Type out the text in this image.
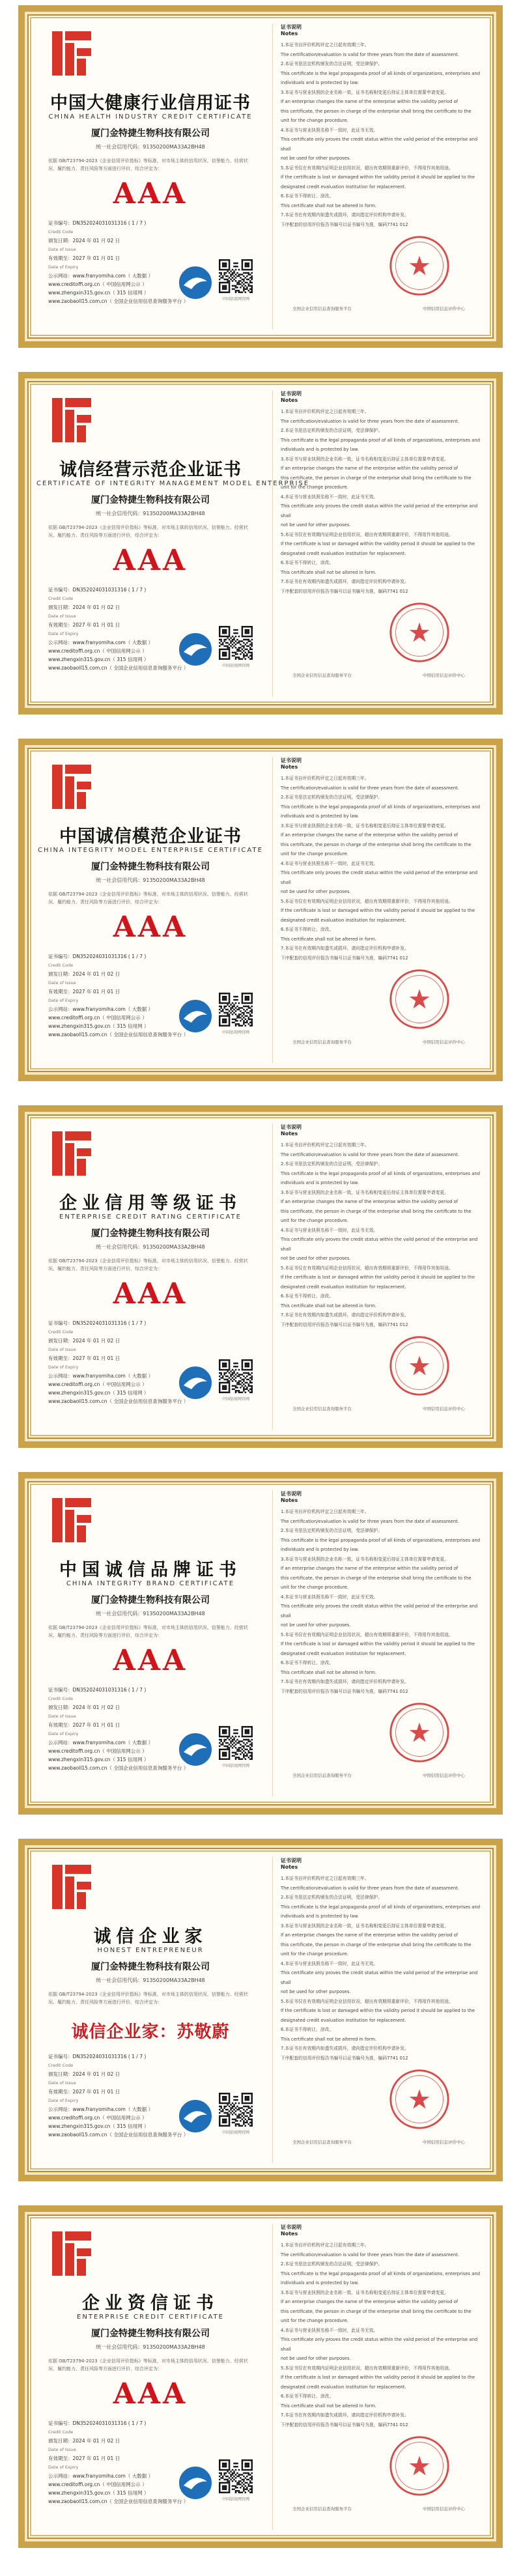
中国大健康行业信用证书
CHINA HEALTH INDUSTRY CREDIT CERTIFICATE
厦门金特捷生物科技有限公司
统一社会信用代码：91350200MA33A2BH48
依据 GB/T23794-2023《企业信用评价指标》等标准，对市场主体的信用状况、信誉能力、经营状况、履约能力、责任风险等方面进行评价，综合评定为：
AAA
证书编号：DN352024031031316 ( 1 / 7 )
Credit Code
颁发日期：2024 年 01 月 02 日
Date of Issue
有效期至：2027 年 01 月 01 日
Date of Expiry
公示网站：www.franyomiha.com（ 大数据 ）
www.creditoffi.org.cn（ 中国信用网公示 ）
www.zhengxin315.gov.cn（ 315 信用网 ）
www.zaobaoll15.com.cn（ 全国企业信用信息查询服务平台 ）	中国信用网官网
证书说明
Notes
1.本证书自评价机构评定之日起有效期三年。
The certification/evaluation is valid for three years from the date of assessment.
2.本证书是法定机构颁发的合法证明，受法律保护。
This certificate is the legal propaganda proof of all kinds of organizations, enterprises and
individuals and is protected by law.
3.本证书与营业执照的企业名称一致，证书名称相变更后持证主体单位需要申请变更。
If an enterprise changes the name of the enterprise within the validity period of
this certificate, the person in charge of the enterprise shall bring the certificate to the
unit for the change procedure.
4.本证书与营业执照名称不一致时，此证书无效。
This certificate only proves the credit status within the valid period of the enterprise and shall
not be used for other purposes.
5.本证书仅在有效期内证明企业信用状况，超出有效期须重新评价，不得用作其他用途。
If the certificate is lost or damaged within the validity period it should be applied to the
designated credit evaluation institution for replacement.
6.本证书不得转让、涂改。
This certificate shall not be altered in form.
7.本证书在有效期内如遗失或损坏，请向指定评价机构申请补发。
下序配套的信用评价报告书编号以证书编号为准，编码7741 012
全国企业信用信息查询服务平台	中国信用信息评价中心
诚信经营示范企业证书
CERTIFICATE OF INTEGRITY MANAGEMENT MODEL ENTERPRISE
厦门金特捷生物科技有限公司
统一社会信用代码：91350200MA33A2BH48
依据 GB/T23794-2023《企业信用评价指标》等标准，对市场主体的信用状况、信誉能力、经营状况、履约能力、责任风险等方面进行评价，综合评定为：
AAA
证书编号：DN352024031031316 ( 1 / 7 )
Credit Code
颁发日期：2024 年 01 月 02 日
Date of Issue
有效期至：2027 年 01 月 01 日
Date of Expiry
公示网站：www.franyomiha.com（ 大数据 ）
www.creditoffi.org.cn（ 中国信用网公示 ）
www.zhengxin315.gov.cn（ 315 信用网 ）
www.zaobaoll15.com.cn（ 全国企业信用信息查询服务平台 ）	中国信用网官网
证书说明
Notes
1.本证书自评价机构评定之日起有效期三年。
The certification/evaluation is valid for three years from the date of assessment.
2.本证书是法定机构颁发的合法证明，受法律保护。
This certificate is the legal propaganda proof of all kinds of organizations, enterprises and
individuals and is protected by law.
3.本证书与营业执照的企业名称一致，证书名称相变更后持证主体单位需要申请变更。
If an enterprise changes the name of the enterprise within the validity period of
this certificate, the person in charge of the enterprise shall bring the certificate to the
unit for the change procedure.
4.本证书与营业执照名称不一致时，此证书无效。
This certificate only proves the credit status within the valid period of the enterprise and shall
not be used for other purposes.
5.本证书仅在有效期内证明企业信用状况，超出有效期须重新评价，不得用作其他用途。
If the certificate is lost or damaged within the validity period it should be applied to the
designated credit evaluation institution for replacement.
6.本证书不得转让、涂改。
This certificate shall not be altered in form.
7.本证书在有效期内如遗失或损坏，请向指定评价机构申请补发。
下序配套的信用评价报告书编号以证书编号为准，编码7741 012
全国企业信用信息查询服务平台	中国信用信息评价中心
中国诚信模范企业证书
CHINA INTEGRITY MODEL ENTERPRISE CERTIFICATE
厦门金特捷生物科技有限公司
统一社会信用代码：91350200MA33A2BH48
依据 GB/T23794-2023《企业信用评价指标》等标准，对市场主体的信用状况、信誉能力、经营状况、履约能力、责任风险等方面进行评价，综合评定为：
AAA
证书编号：DN352024031031316 ( 1 / 7 )
Credit Code
颁发日期：2024 年 01 月 02 日
Date of Issue
有效期至：2027 年 01 月 01 日
Date of Expiry
公示网站：www.franyomiha.com（ 大数据 ）
www.creditoffi.org.cn（ 中国信用网公示 ）
www.zhengxin315.gov.cn（ 315 信用网 ）
www.zaobaoll15.com.cn（ 全国企业信用信息查询服务平台 ）	中国信用网官网
证书说明
Notes
1.本证书自评价机构评定之日起有效期三年。
The certification/evaluation is valid for three years from the date of assessment.
2.本证书是法定机构颁发的合法证明，受法律保护。
This certificate is the legal propaganda proof of all kinds of organizations, enterprises and
individuals and is protected by law.
3.本证书与营业执照的企业名称一致，证书名称相变更后持证主体单位需要申请变更。
If an enterprise changes the name of the enterprise within the validity period of
this certificate, the person in charge of the enterprise shall bring the certificate to the
unit for the change procedure.
4.本证书与营业执照名称不一致时，此证书无效。
This certificate only proves the credit status within the valid period of the enterprise and shall
not be used for other purposes.
5.本证书仅在有效期内证明企业信用状况，超出有效期须重新评价，不得用作其他用途。
If the certificate is lost or damaged within the validity period it should be applied to the
designated credit evaluation institution for replacement.
6.本证书不得转让、涂改。
This certificate shall not be altered in form.
7.本证书在有效期内如遗失或损坏，请向指定评价机构申请补发。
下序配套的信用评价报告书编号以证书编号为准，编码7741 012
全国企业信用信息查询服务平台	中国信用信息评价中心
企业信用等级证书
ENTERPRISE CREDIT RATING CERTIFICATE
厦门金特捷生物科技有限公司
统一社会信用代码：91350200MA33A2BH48
依据 GB/T23794-2023《企业信用评价指标》等标准，对市场主体的信用状况、信誉能力、经营状况、履约能力、责任风险等方面进行评价，综合评定为：
AAA
证书编号：DN352024031031316 ( 1 / 7 )
Credit Code
颁发日期：2024 年 01 月 02 日
Date of Issue
有效期至：2027 年 01 月 01 日
Date of Expiry
公示网站：www.franyomiha.com（ 大数据 ）
www.creditoffi.org.cn（ 中国信用网公示 ）
www.zhengxin315.gov.cn（ 315 信用网 ）
www.zaobaoll15.com.cn（ 全国企业信用信息查询服务平台 ）	中国信用网官网
证书说明
Notes
1.本证书自评价机构评定之日起有效期三年。
The certification/evaluation is valid for three years from the date of assessment.
2.本证书是法定机构颁发的合法证明，受法律保护。
This certificate is the legal propaganda proof of all kinds of organizations, enterprises and
individuals and is protected by law.
3.本证书与营业执照的企业名称一致，证书名称相变更后持证主体单位需要申请变更。
If an enterprise changes the name of the enterprise within the validity period of
this certificate, the person in charge of the enterprise shall bring the certificate to the
unit for the change procedure.
4.本证书与营业执照名称不一致时，此证书无效。
This certificate only proves the credit status within the valid period of the enterprise and shall
not be used for other purposes.
5.本证书仅在有效期内证明企业信用状况，超出有效期须重新评价，不得用作其他用途。
If the certificate is lost or damaged within the validity period it should be applied to the
designated credit evaluation institution for replacement.
6.本证书不得转让、涂改。
This certificate shall not be altered in form.
7.本证书在有效期内如遗失或损坏，请向指定评价机构申请补发。
下序配套的信用评价报告书编号以证书编号为准，编码7741 012
全国企业信用信息查询服务平台	中国信用信息评价中心
中国诚信品牌证书
CHINA INTEGRITY BRAND CERTIFICATE
厦门金特捷生物科技有限公司
统一社会信用代码：91350200MA33A2BH48
依据 GB/T23794-2023《企业信用评价指标》等标准，对市场主体的信用状况、信誉能力、经营状况、履约能力、责任风险等方面进行评价，综合评定为：
AAA
证书编号：DN352024031031316 ( 1 / 7 )
Credit Code
颁发日期：2024 年 01 月 02 日
Date of Issue
有效期至：2027 年 01 月 01 日
Date of Expiry
公示网站：www.franyomiha.com（ 大数据 ）
www.creditoffi.org.cn（ 中国信用网公示 ）
www.zhengxin315.gov.cn（ 315 信用网 ）
www.zaobaoll15.com.cn（ 全国企业信用信息查询服务平台 ）	中国信用网官网
证书说明
Notes
1.本证书自评价机构评定之日起有效期三年。
The certification/evaluation is valid for three years from the date of assessment.
2.本证书是法定机构颁发的合法证明，受法律保护。
This certificate is the legal propaganda proof of all kinds of organizations, enterprises and
individuals and is protected by law.
3.本证书与营业执照的企业名称一致，证书名称相变更后持证主体单位需要申请变更。
If an enterprise changes the name of the enterprise within the validity period of
this certificate, the person in charge of the enterprise shall bring the certificate to the
unit for the change procedure.
4.本证书与营业执照名称不一致时，此证书无效。
This certificate only proves the credit status within the valid period of the enterprise and shall
not be used for other purposes.
5.本证书仅在有效期内证明企业信用状况，超出有效期须重新评价，不得用作其他用途。
If the certificate is lost or damaged within the validity period it should be applied to the
designated credit evaluation institution for replacement.
6.本证书不得转让、涂改。
This certificate shall not be altered in form.
7.本证书在有效期内如遗失或损坏，请向指定评价机构申请补发。
下序配套的信用评价报告书编号以证书编号为准，编码7741 012
全国企业信用信息查询服务平台	中国信用信息评价中心
诚信企业家
HONEST ENTREPRENEUR
厦门金特捷生物科技有限公司
统一社会信用代码：91350200MA33A2BH48
依据 GB/T23794-2023《企业信用评价指标》等标准，对市场主体的信用状况、信誉能力、经营状况、履约能力、责任风险等方面进行评价，综合评定为：
诚信企业家：苏敬蔚
证书编号：DN352024031031316 ( 1 / 7 )
Credit Code
颁发日期：2024 年 01 月 02 日
Date of Issue
有效期至：2027 年 01 月 01 日
Date of Expiry
公示网站：www.franyomiha.com（ 大数据 ）
www.creditoffi.org.cn（ 中国信用网公示 ）
www.zhengxin315.gov.cn（ 315 信用网 ）
www.zaobaoll15.com.cn（ 全国企业信用信息查询服务平台 ）	中国信用网官网
证书说明
Notes
1.本证书自评价机构评定之日起有效期三年。
The certification/evaluation is valid for three years from the date of assessment.
2.本证书是法定机构颁发的合法证明，受法律保护。
This certificate is the legal propaganda proof of all kinds of organizations, enterprises and
individuals and is protected by law.
3.本证书与营业执照的企业名称一致，证书名称相变更后持证主体单位需要申请变更。
If an enterprise changes the name of the enterprise within the validity period of
this certificate, the person in charge of the enterprise shall bring the certificate to the
unit for the change procedure.
4.本证书与营业执照名称不一致时，此证书无效。
This certificate only proves the credit status within the valid period of the enterprise and shall
not be used for other purposes.
5.本证书仅在有效期内证明企业信用状况，超出有效期须重新评价，不得用作其他用途。
If the certificate is lost or damaged within the validity period it should be applied to the
designated credit evaluation institution for replacement.
6.本证书不得转让、涂改。
This certificate shall not be altered in form.
7.本证书在有效期内如遗失或损坏，请向指定评价机构申请补发。
下序配套的信用评价报告书编号以证书编号为准，编码7741 012
全国企业信用信息查询服务平台	中国信用信息评价中心
企业资信证书
ENTERPRISE CREDIT CERTIFICATE
厦门金特捷生物科技有限公司
统一社会信用代码：91350200MA33A2BH48
依据 GB/T23794-2023《企业信用评价指标》等标准，对市场主体的信用状况、信誉能力、经营状况、履约能力、责任风险等方面进行评价，综合评定为：
AAA
证书编号：DN352024031031316 ( 1 / 7 )
Credit Code
颁发日期：2024 年 01 月 02 日
Date of Issue
有效期至：2027 年 01 月 01 日
Date of Expiry
公示网站：www.franyomiha.com（ 大数据 ）
www.creditoffi.org.cn（ 中国信用网公示 ）
www.zhengxin315.gov.cn（ 315 信用网 ）
www.zaobaoll15.com.cn（ 全国企业信用信息查询服务平台 ）	中国信用网官网
证书说明
Notes
1.本证书自评价机构评定之日起有效期三年。
The certification/evaluation is valid for three years from the date of assessment.
2.本证书是法定机构颁发的合法证明，受法律保护。
This certificate is the legal propaganda proof of all kinds of organizations, enterprises and
individuals and is protected by law.
3.本证书与营业执照的企业名称一致，证书名称相变更后持证主体单位需要申请变更。
If an enterprise changes the name of the enterprise within the validity period of
this certificate, the person in charge of the enterprise shall bring the certificate to the
unit for the change procedure.
4.本证书与营业执照名称不一致时，此证书无效。
This certificate only proves the credit status within the valid period of the enterprise and shall
not be used for other purposes.
5.本证书仅在有效期内证明企业信用状况，超出有效期须重新评价，不得用作其他用途。
If the certificate is lost or damaged within the validity period it should be applied to the
designated credit evaluation institution for replacement.
6.本证书不得转让、涂改。
This certificate shall not be altered in form.
7.本证书在有效期内如遗失或损坏，请向指定评价机构申请补发。
下序配套的信用评价报告书编号以证书编号为准，编码7741 012
全国企业信用信息查询服务平台	中国信用信息评价中心
